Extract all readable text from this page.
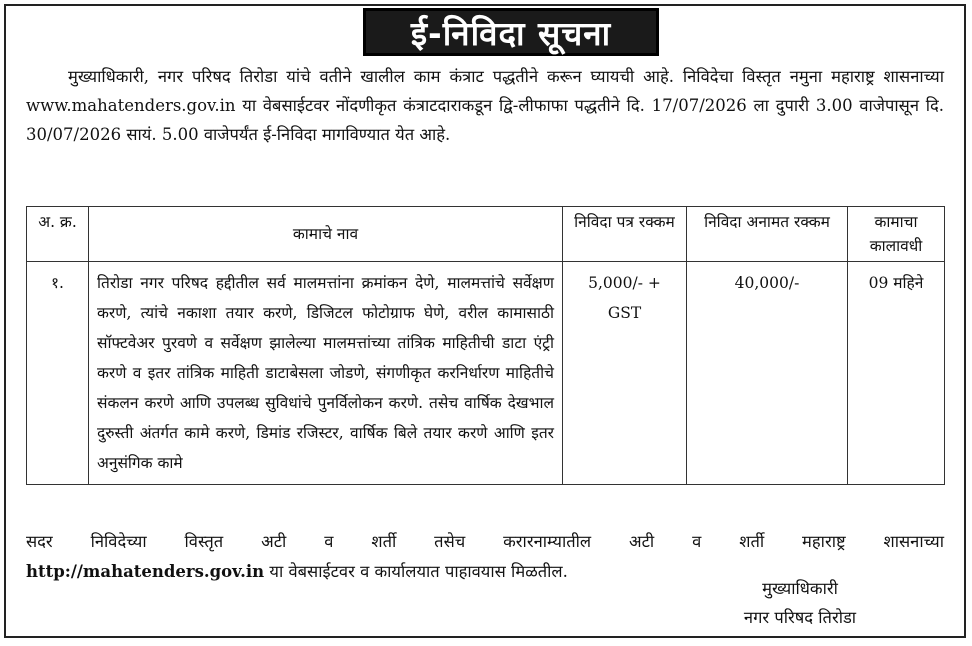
ई-निविदा सूचना
मुख्याधिकारी, नगर परिषद तिरोडा यांचे वतीने खालील काम कंत्राट पद्धतीने करून घ्यायची आहे. निविदेचा विस्तृत नमुना महाराष्ट्र शासनाच्या www.mahatenders.gov.in या वेबसाईटवर नोंदणीकृत कंत्राटदाराकडून द्वि-लीफाफा पद्धतीने दि. 17/07/2026 ला दुपारी 3.00 वाजेपासून दि. 30/07/2026 सायं. 5.00 वाजेपर्यंत ई-निविदा मागविण्यात येत आहे.
अ. क्र.	कामाचे नाव	निविदा पत्र रक्कम	निविदा अनामत रक्कम	कामाचा कालावधी
१.	तिरोडा नगर परिषद हद्दीतील सर्व मालमत्तांना क्रमांकन देणे, मालमत्तांचे सर्वेक्षण करणे, त्यांचे नकाशा तयार करणे, डिजिटल फोटोग्राफ घेणे, वरील कामासाठी सॉफ्टवेअर पुरवणे व सर्वेक्षण झालेल्या मालमत्तांच्या तांत्रिक माहितीची डाटा एंट्री करणे व इतर तांत्रिक माहिती डाटाबेसला जोडणे, संगणीकृत करनिर्धारण माहितीचे संकलन करणे आणि उपलब्ध सुविधांचे पुनर्विलोकन करणे. तसेच वार्षिक देखभाल दुरुस्ती अंतर्गत कामे करणे, डिमांड रजिस्टर, वार्षिक बिले तयार करणे आणि इतर अनुसंगिक कामे	5,000/- + GST	40,000/-	09 महिने
सदर निविदेच्या विस्तृत अटी व शर्ती तसेच करारनाम्यातील अटी व शर्ती महाराष्ट्र शासनाच्या
http://mahatenders.gov.in या वेबसाईटवर व कार्यालयात पाहावयास मिळतील.
मुख्याधिकारी
नगर परिषद तिरोडा
